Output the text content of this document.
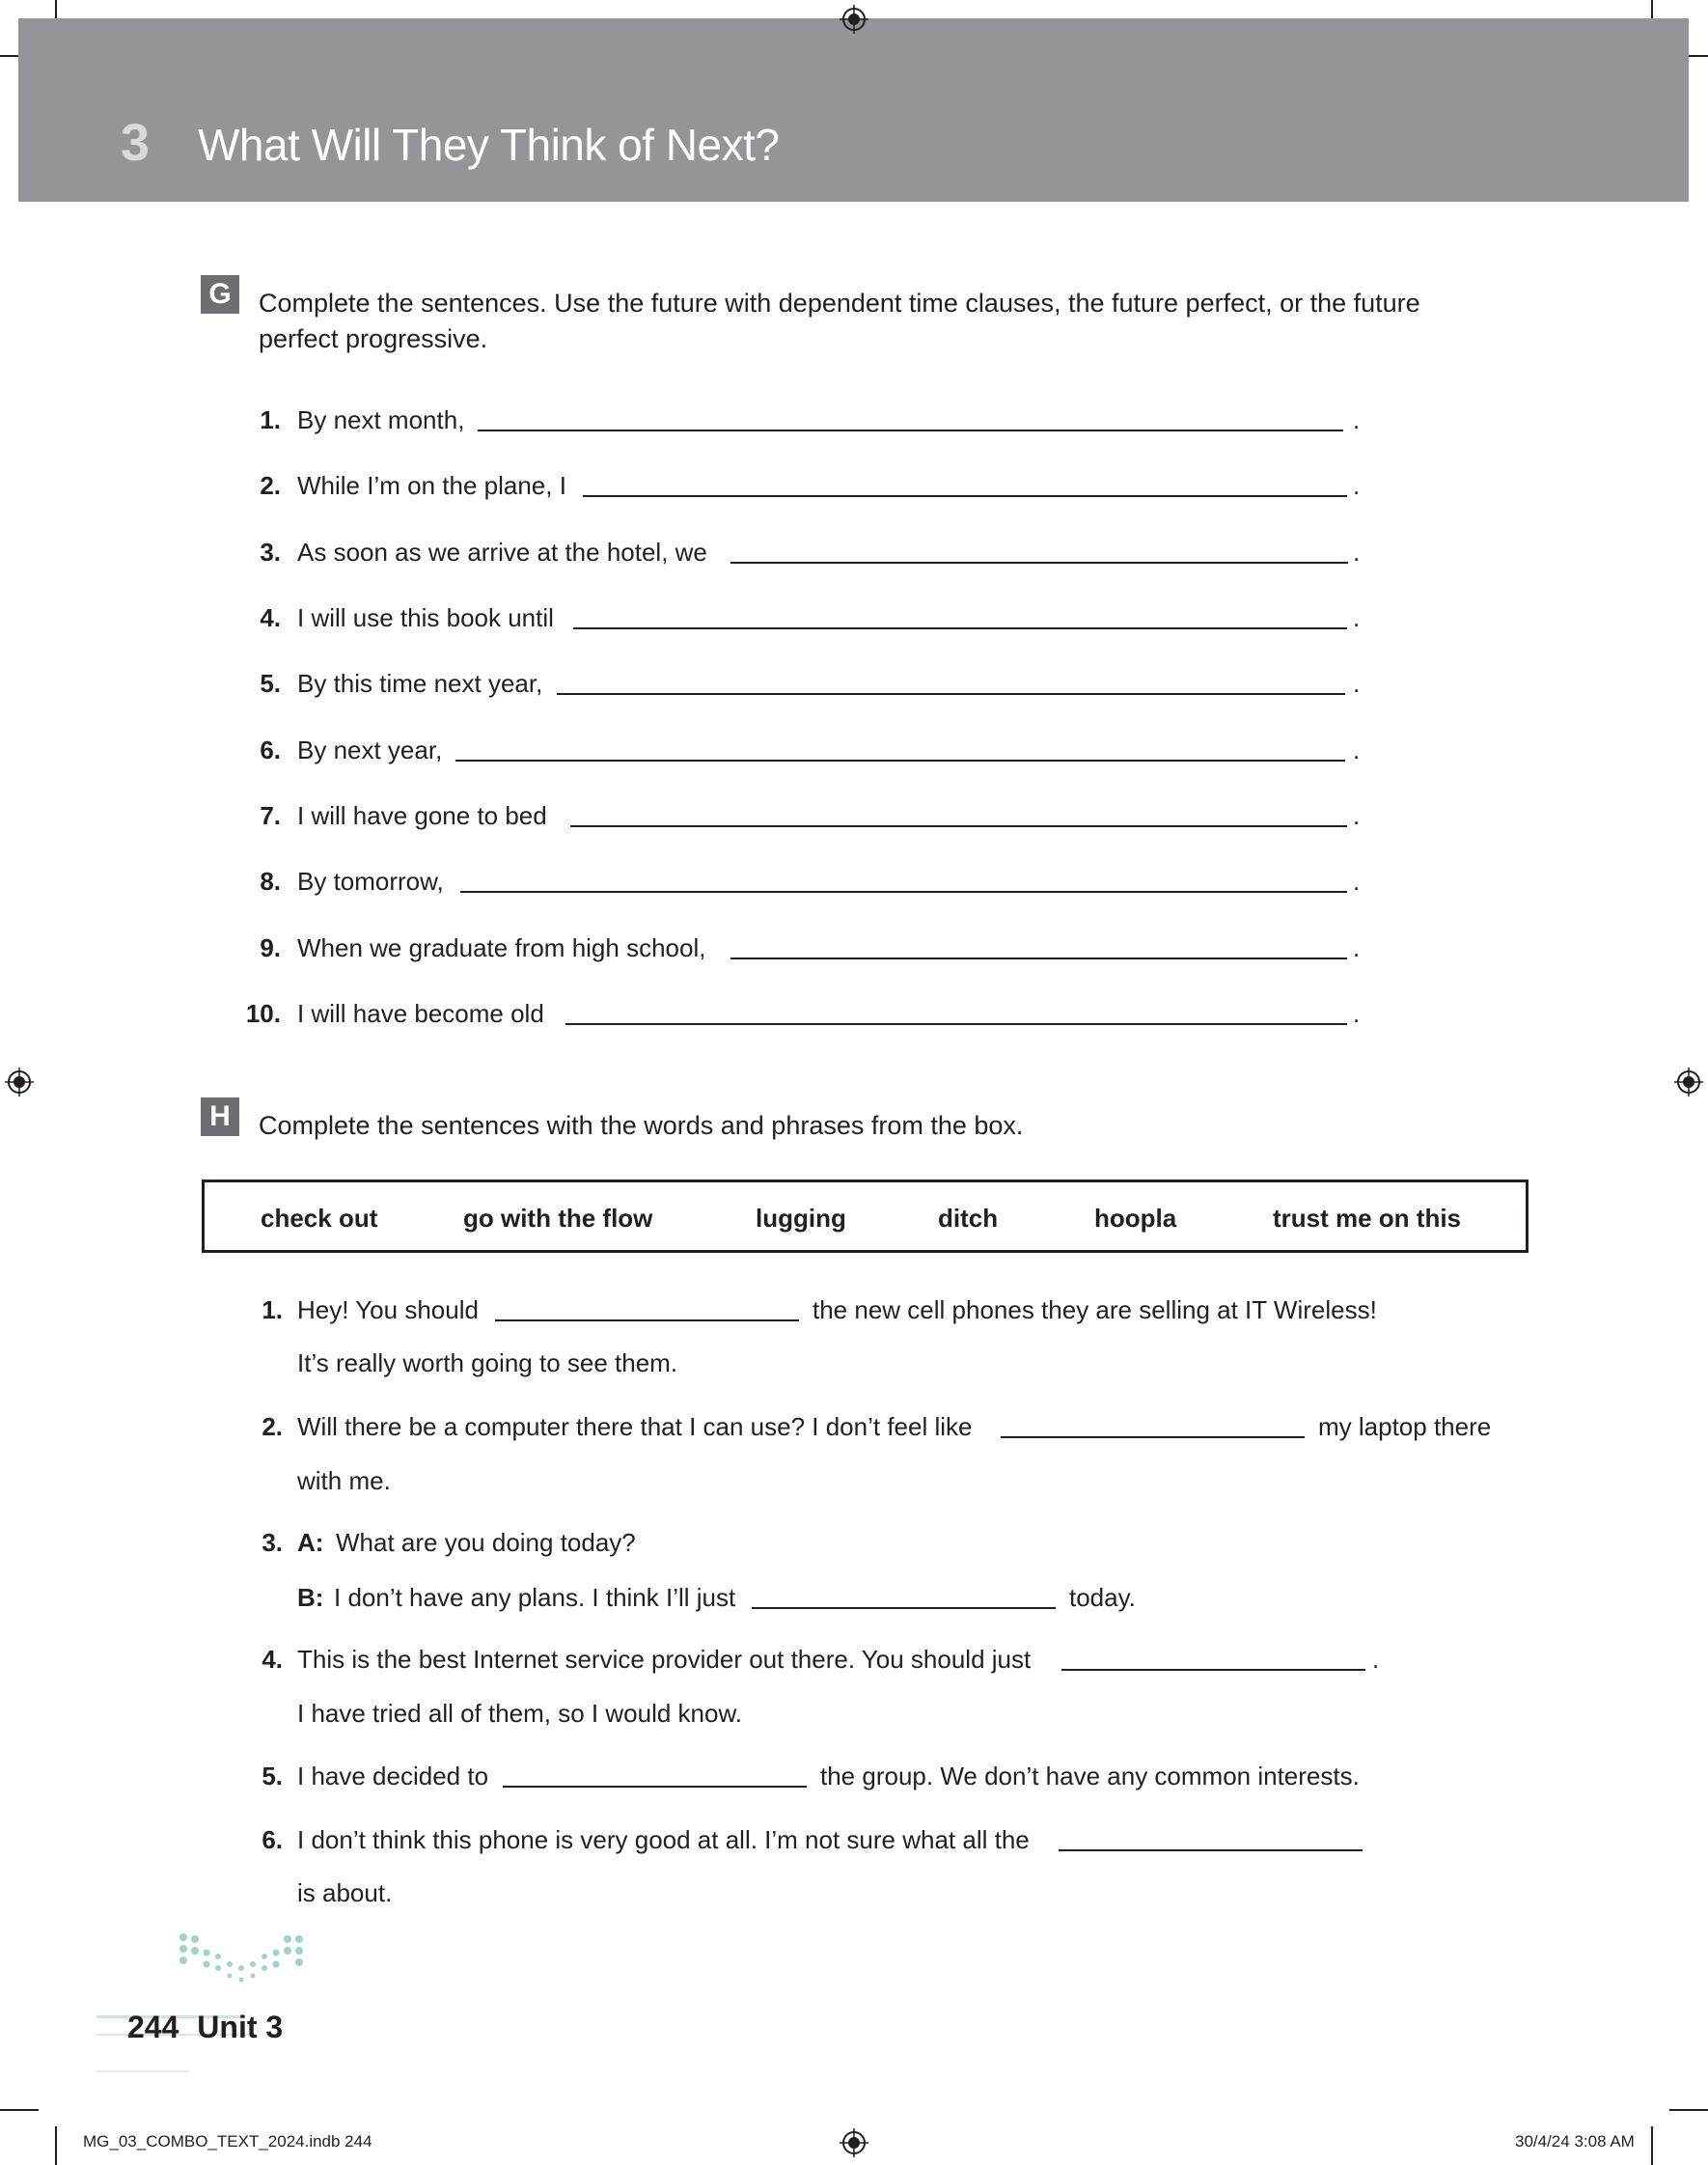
3 What Will They Think of Next?
G	Complete the sentences. Use the future with dependent time clauses, the future perfect, or the future perfect progressive.
1. By next month,	.
2. While I’m on the plane, I	.
3. As soon as we arrive at the hotel, we	.
4. I will use this book until	.
5. By this time next year,	.
6. By next year,	.
7. I will have gone to bed	.
8. By tomorrow,	.
9. When we graduate from high school,	.
10. I will have become old	.
H	Complete the sentences with the words and phrases from the box.
check out	go with the flow	lugging	ditch	hoopla	trust me on this
1. Hey! You should	the new cell phones they are selling at IT Wireless!
It’s really worth going to see them.
2. Will there be a computer there that I can use? I don’t feel like	my laptop there
with me.
3. A: What are you doing today?
B: I don’t have any plans. I think I’ll just	today.
4. This is the best Internet service provider out there. You should just	.
I have tried all of them, so I would know.
5. I have decided to	the group. We don’t have any common interests.
6. I don’t think this phone is very good at all. I’m not sure what all the
is about.
244 Unit 3
MG_03_COMBO_TEXT_2024.indb 244	30/4/24 3:08 AM
